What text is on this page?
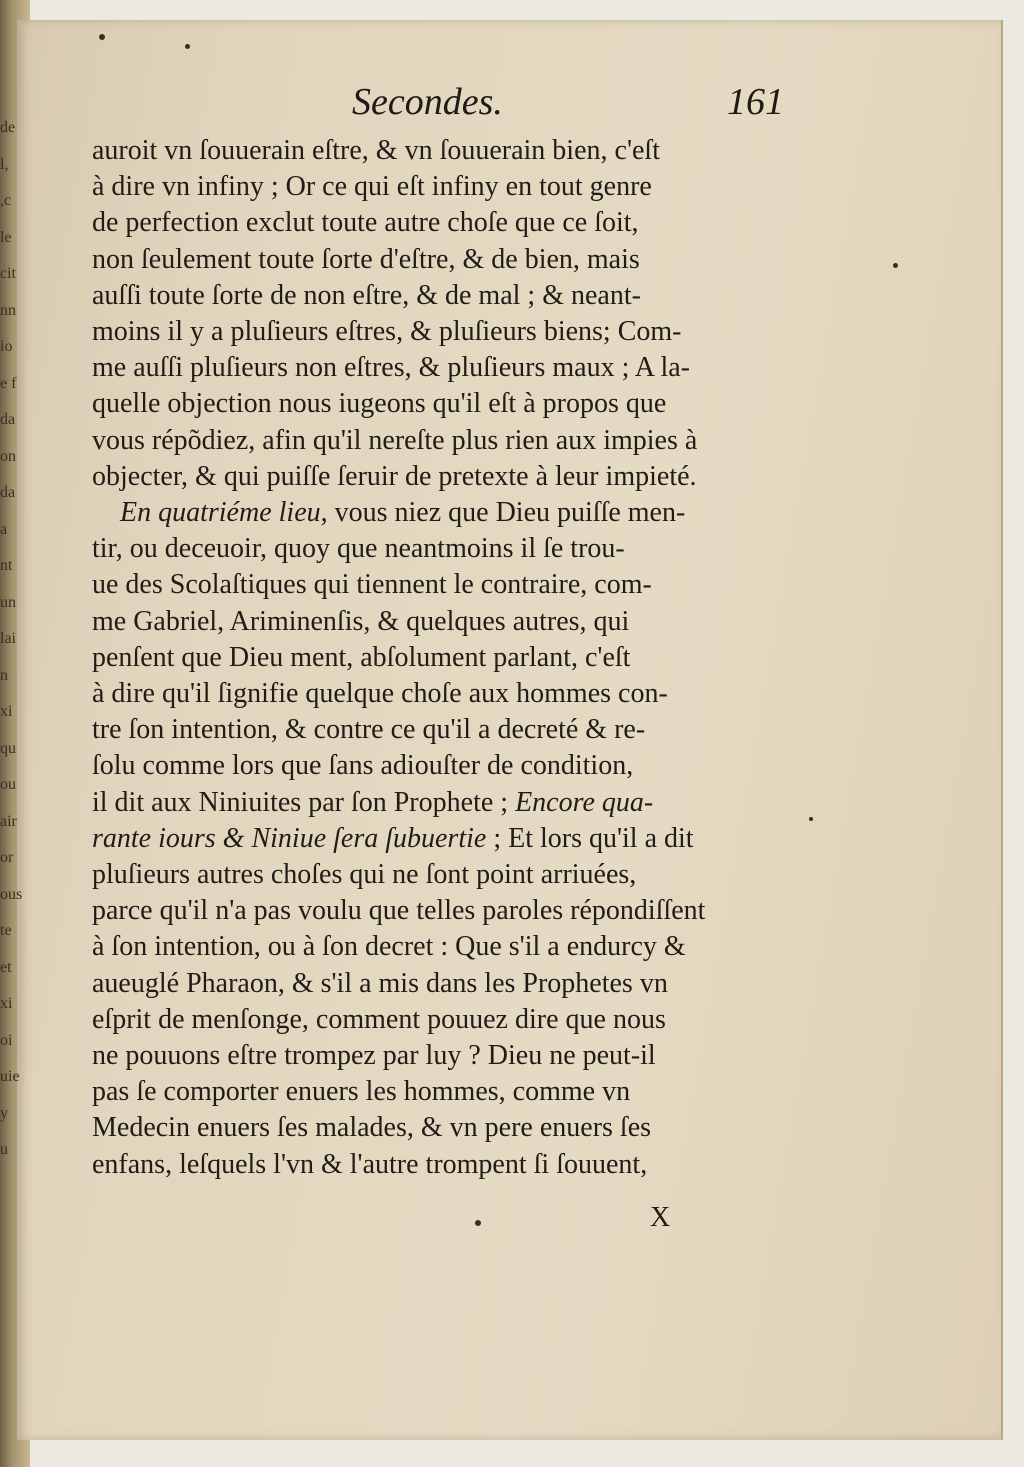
Secondes.	161
de
l,
,c
le
cit
nn
io
e f
da
on
da
a
nt
un
lai
n
xi
qu
ou
air
or
ous
te
et
xi
oi
uie
y
u

auroit vn ſouuerain eſtre, & vn ſouuerain bien, c'eſt
à dire vn infiny ; Or ce qui eſt infiny en tout genre
de perfection exclut toute autre choſe que ce ſoit,
non ſeulement toute ſorte d'eſtre, & de bien, mais
auſſi toute ſorte de non eſtre, & de mal ; & neant-
moins il y a pluſieurs eſtres, & pluſieurs biens; Com-
me auſſi pluſieurs non eſtres, & pluſieurs maux ; A la-
quelle objection nous iugeons qu'il eſt à propos que
vous répõdiez, afin qu'il nereſte plus rien aux impies à
objecter, & qui puiſſe ſeruir de pretexte à leur impieté.

En quatriéme lieu, vous niez que Dieu puiſſe men-
tir, ou deceuoir, quoy que neantmoins il ſe trou-
ue des Scolaſtiques qui tiennent le contraire, com-
me Gabriel, Ariminenſis, & quelques autres, qui
penſent que Dieu ment, abſolument parlant, c'eſt
à dire qu'il ſignifie quelque choſe aux hommes con-
tre ſon intention, & contre ce qu'il a decreté & re-
ſolu comme lors que ſans adiouſter de condition,
il dit aux Niniuites par ſon Prophete ; Encore qua-
rante iours & Niniue ſera ſubuertie ; Et lors qu'il a dit
pluſieurs autres choſes qui ne ſont point arriuées,
parce qu'il n'a pas voulu que telles paroles répondiſſent
à ſon intention, ou à ſon decret : Que s'il a endurcy &
aueuglé Pharaon, & s'il a mis dans les Prophetes vn
eſprit de menſonge, comment pouuez dire que nous
ne pouuons eſtre trompez par luy ? Dieu ne peut-il
pas ſe comporter enuers les hommes, comme vn
Medecin enuers ſes malades, & vn pere enuers ſes
enfans, leſquels l'vn & l'autre trompent ſi ſouuent,

X
